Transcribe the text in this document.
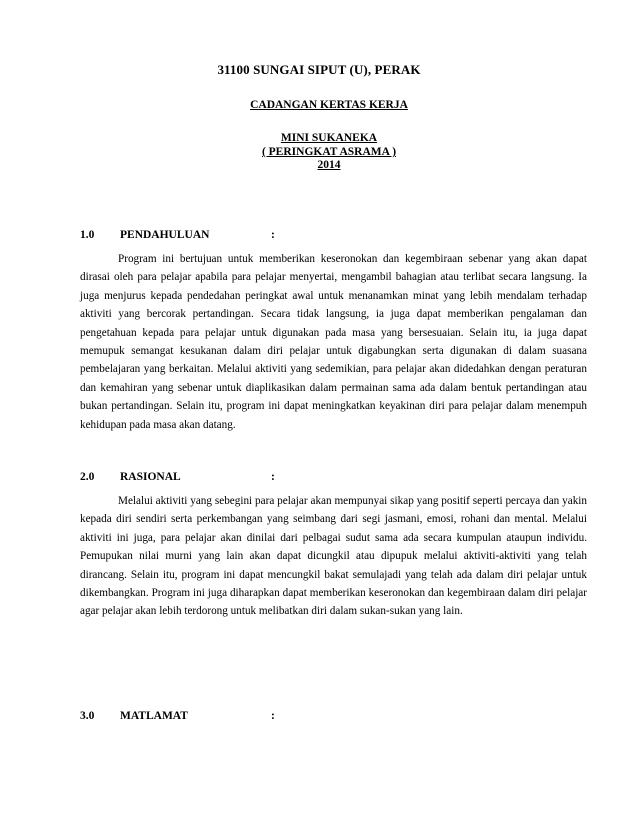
31100 SUNGAI SIPUT (U), PERAK
CADANGAN KERTAS KERJA
MINI SUKANEKA
( PERINGKAT ASRAMA )
2014
1.0 PENDAHULUAN	:

Program ini bertujuan untuk memberikan keseronokan dan kegembiraan sebenar yang akan dapat dirasai oleh para pelajar apabila para pelajar menyertai, mengambil bahagian atau terlibat secara langsung. Ia juga menjurus kepada pendedahan peringkat awal untuk menanamkan minat yang lebih mendalam terhadap aktiviti yang bercorak pertandingan. Secara tidak langsung, ia juga dapat memberikan pengalaman dan pengetahuan kepada para pelajar untuk digunakan pada masa yang bersesuaian. Selain itu, ia juga dapat memupuk semangat kesukanan dalam diri pelajar untuk digabungkan serta digunakan di dalam suasana pembelajaran yang berkaitan. Melalui aktiviti yang sedemikian, para pelajar akan didedahkan dengan peraturan dan kemahiran yang sebenar untuk diaplikasikan dalam permainan sama ada dalam bentuk pertandingan atau bukan pertandingan. Selain itu, program ini dapat meningkatkan keyakinan diri para pelajar dalam menempuh kehidupan pada masa akan datang.

2.0 RASIONAL	:

Melalui aktiviti yang sebegini para pelajar akan mempunyai sikap yang positif seperti percaya dan yakin kepada diri sendiri serta perkembangan yang seimbang dari segi jasmani, emosi, rohani dan mental. Melalui aktiviti ini juga, para pelajar akan dinilai dari pelbagai sudut sama ada secara kumpulan ataupun individu. Pemupukan nilai murni yang lain akan dapat dicungkil atau dipupuk melalui aktiviti-aktiviti yang telah dirancang. Selain itu, program ini dapat mencungkil bakat semulajadi yang telah ada dalam diri pelajar untuk dikembangkan. Program ini juga diharapkan dapat memberikan keseronokan dan kegembiraan dalam diri pelajar agar pelajar akan lebih terdorong untuk melibatkan diri dalam sukan-sukan yang lain.

3.0 MATLAMAT	:
